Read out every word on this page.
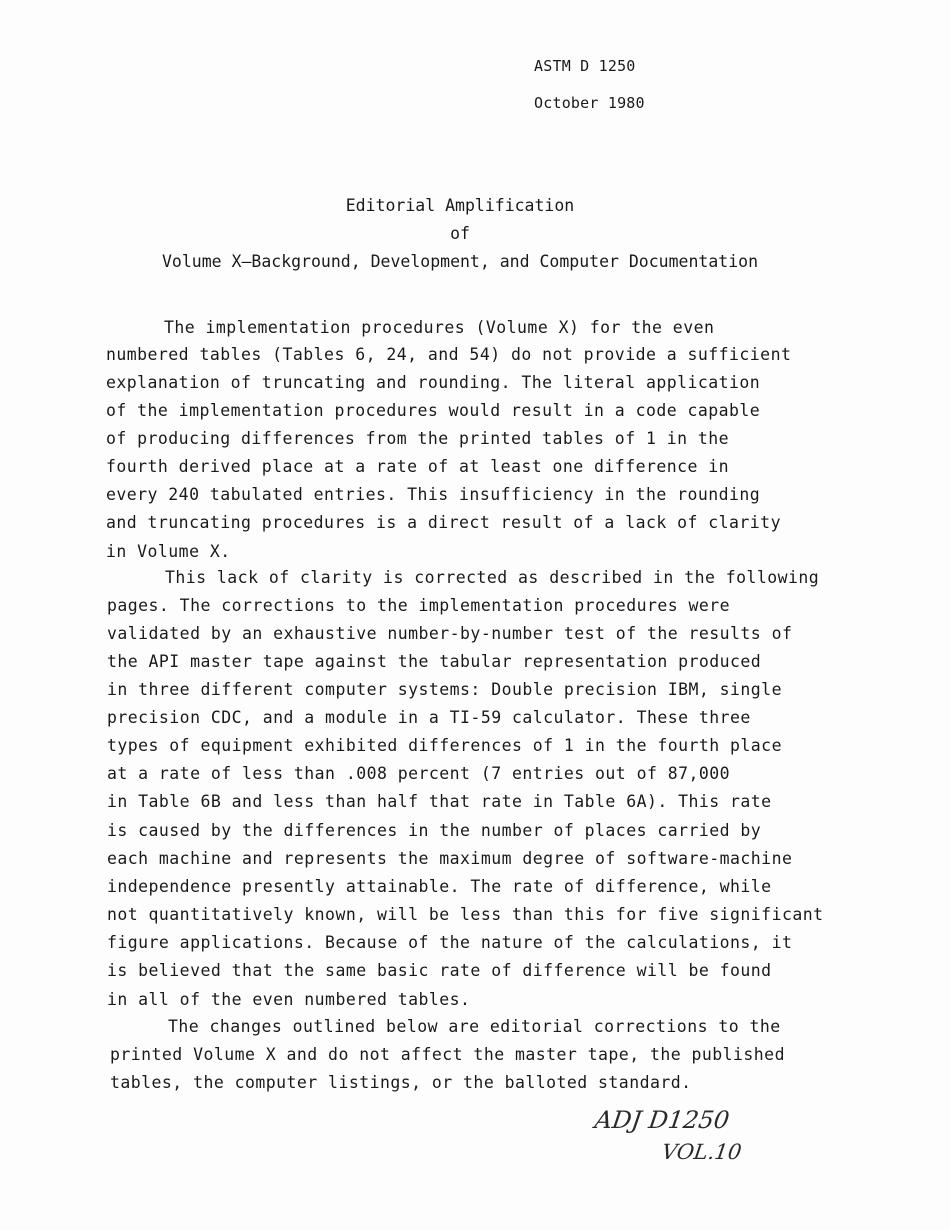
ASTM D 1250
October 1980
Editorial Amplification
of
Volume X—Background, Development, and Computer Documentation
The implementation procedures (Volume X) for the even
numbered tables (Tables 6, 24, and 54) do not provide a sufficient
explanation of truncating and rounding. The literal application
of the implementation procedures would result in a code capable
of producing differences from the printed tables of 1 in the
fourth derived place at a rate of at least one difference in
every 240 tabulated entries. This insufficiency in the rounding
and truncating procedures is a direct result of a lack of clarity
in Volume X.
This lack of clarity is corrected as described in the following
pages. The corrections to the implementation procedures were
validated by an exhaustive number-by-number test of the results of
the API master tape against the tabular representation produced
in three different computer systems: Double precision IBM, single
precision CDC, and a module in a TI-59 calculator. These three
types of equipment exhibited differences of 1 in the fourth place
at a rate of less than .008 percent (7 entries out of 87,000
in Table 6B and less than half that rate in Table 6A). This rate
is caused by the differences in the number of places carried by
each machine and represents the maximum degree of software-machine
independence presently attainable. The rate of difference, while
not quantitatively known, will be less than this for five significant
figure applications. Because of the nature of the calculations, it
is believed that the same basic rate of difference will be found
in all of the even numbered tables.
The changes outlined below are editorial corrections to the
printed Volume X and do not affect the master tape, the published
tables, the computer listings, or the balloted standard.
ADJ D1250
VOL.10
